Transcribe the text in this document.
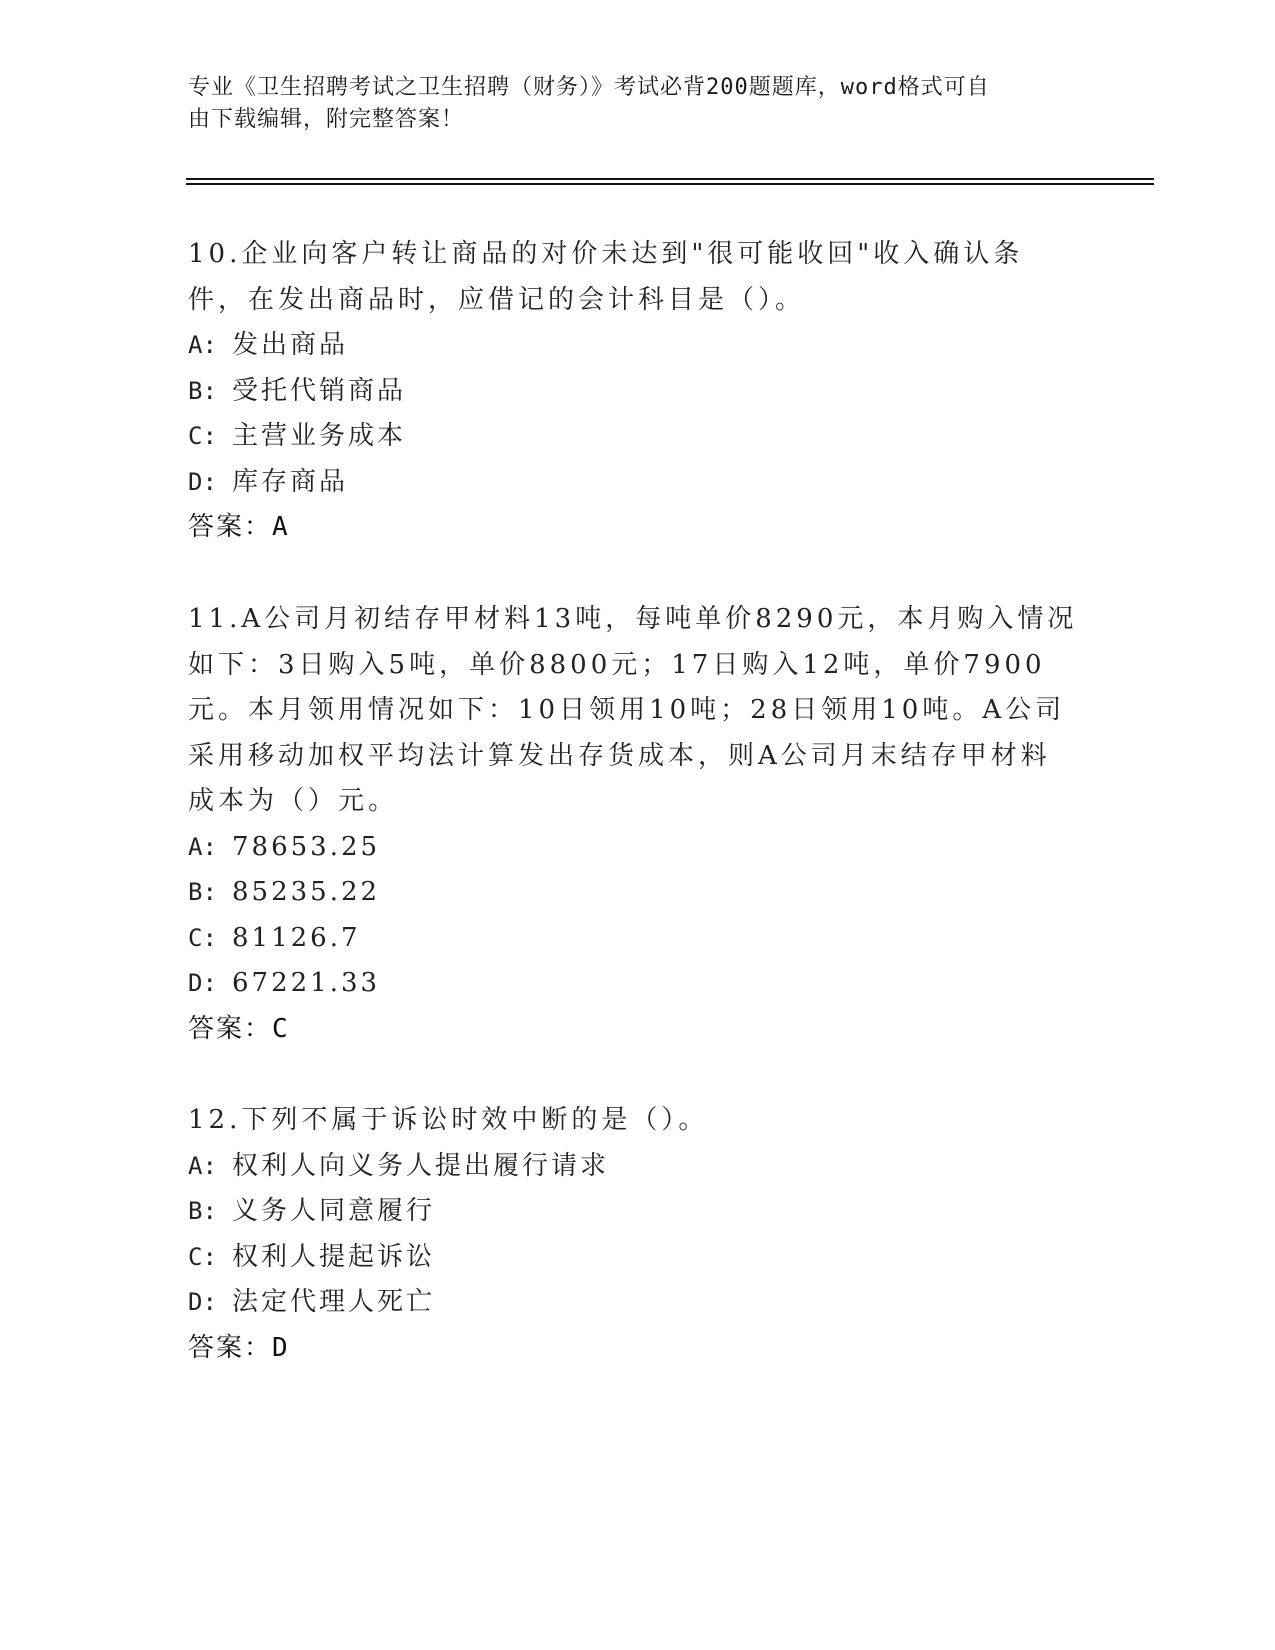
专业《卫生招聘考试之卫生招聘（财务）》考试必背200题题库，word格式可自
由下载编辑，附完整答案！

10.企业向客户转让商品的对价未达到"很可能收回"收入确认条件，在发出商品时，应借记的会计科目是（）。

A: 发出商品
B: 受托代销商品
C: 主营业务成本
D: 库存商品
答案：A

11.A公司月初结存甲材料13吨，每吨单价8290元，本月购入情况如下：3日购入5吨，单价8800元；17日购入12吨，单价7900元。本月领用情况如下：10日领用10吨；28日领用10吨。A公司采用移动加权平均法计算发出存货成本，则A公司月末结存甲材料成本为（）元。

A: 78653.25
B: 85235.22
C: 81126.7
D: 67221.33
答案：C

12.下列不属于诉讼时效中断的是（）。

A: 权利人向义务人提出履行请求
B: 义务人同意履行
C: 权利人提起诉讼
D: 法定代理人死亡
答案：D
